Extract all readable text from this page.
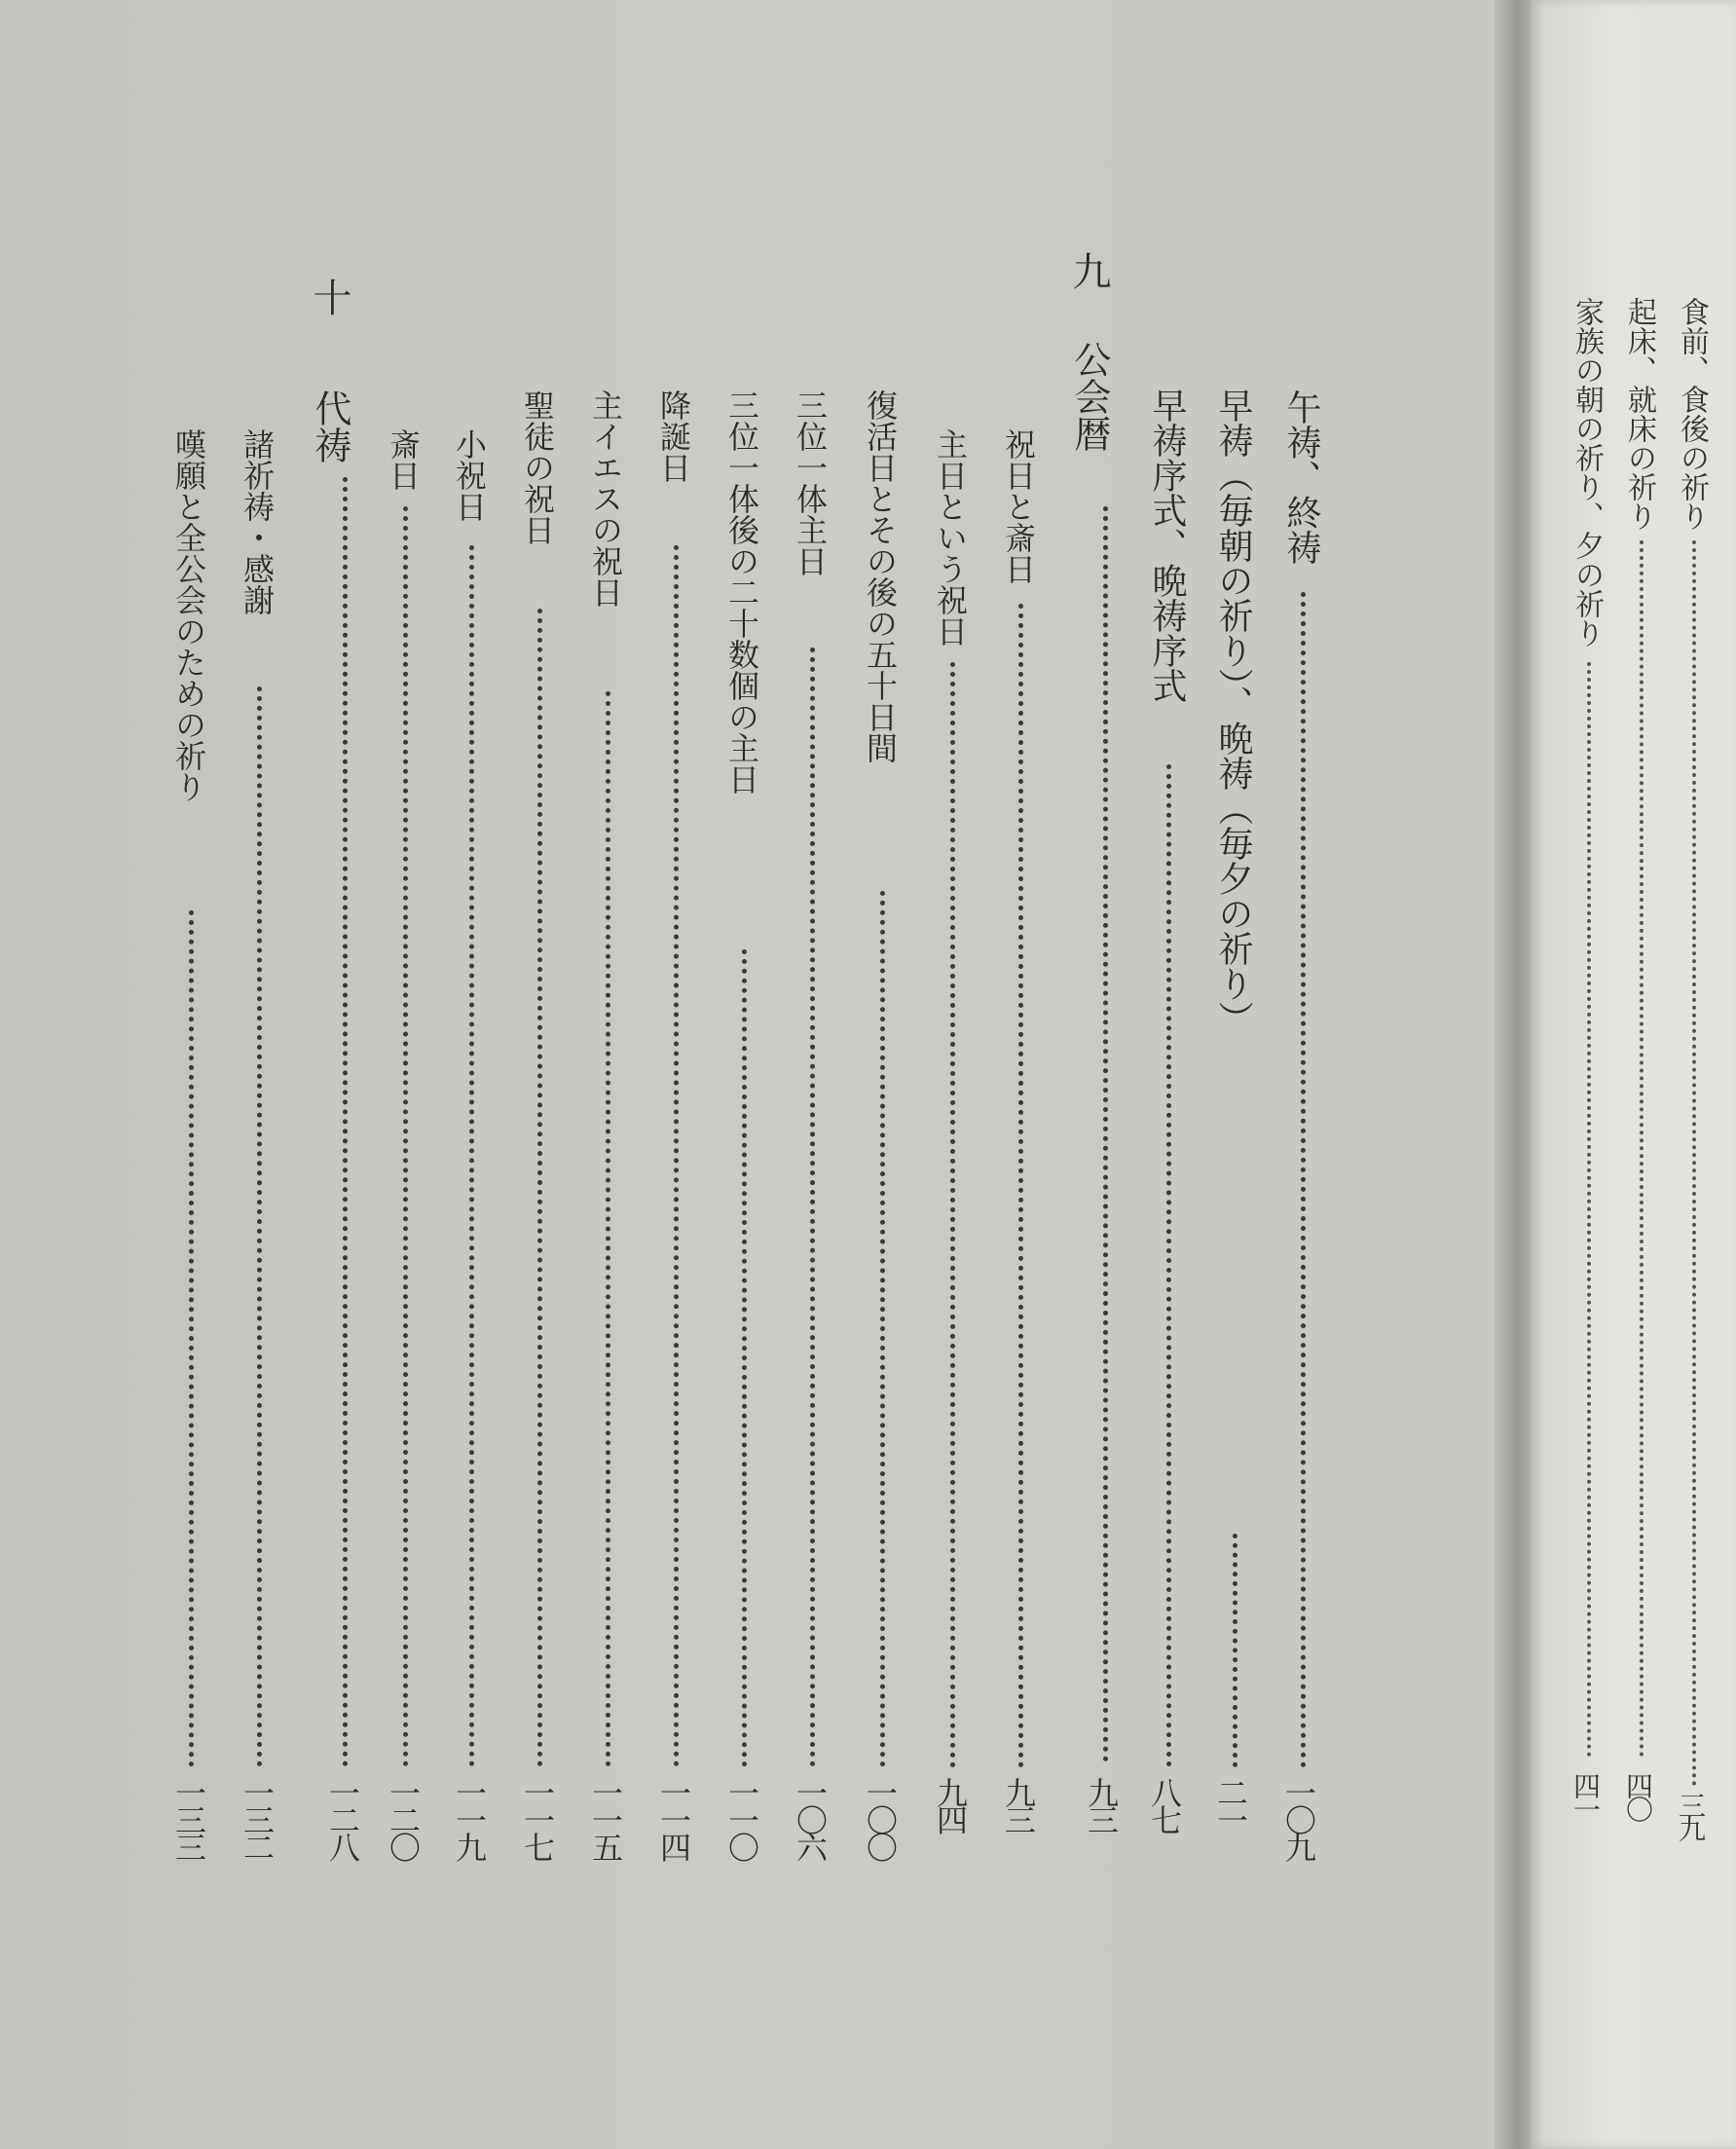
九
公会暦
九三
午祷、終祷
一〇九
早祷（毎朝の祈り）、晩祷（毎夕の祈り）
二一
早祷序式、晩祷序式
八七
祝日と斎日
九三
主日という祝日
九四
復活日とその後の五十日間
一〇〇
三位一体主日
一〇六
三位一体後の二十数個の主日
一一〇
降誕日
一一四
主イエスの祝日
一一五
聖徒の祝日
一一七
小祝日
一一九
斎日
一二〇
十
代祷
一二八
諸祈祷・感謝
一三二
嘆願と全公会のための祈り
一三三
食前、食後の祈り
三九
起床、就床の祈り
四〇
家族の朝の祈り、夕の祈り
四一
